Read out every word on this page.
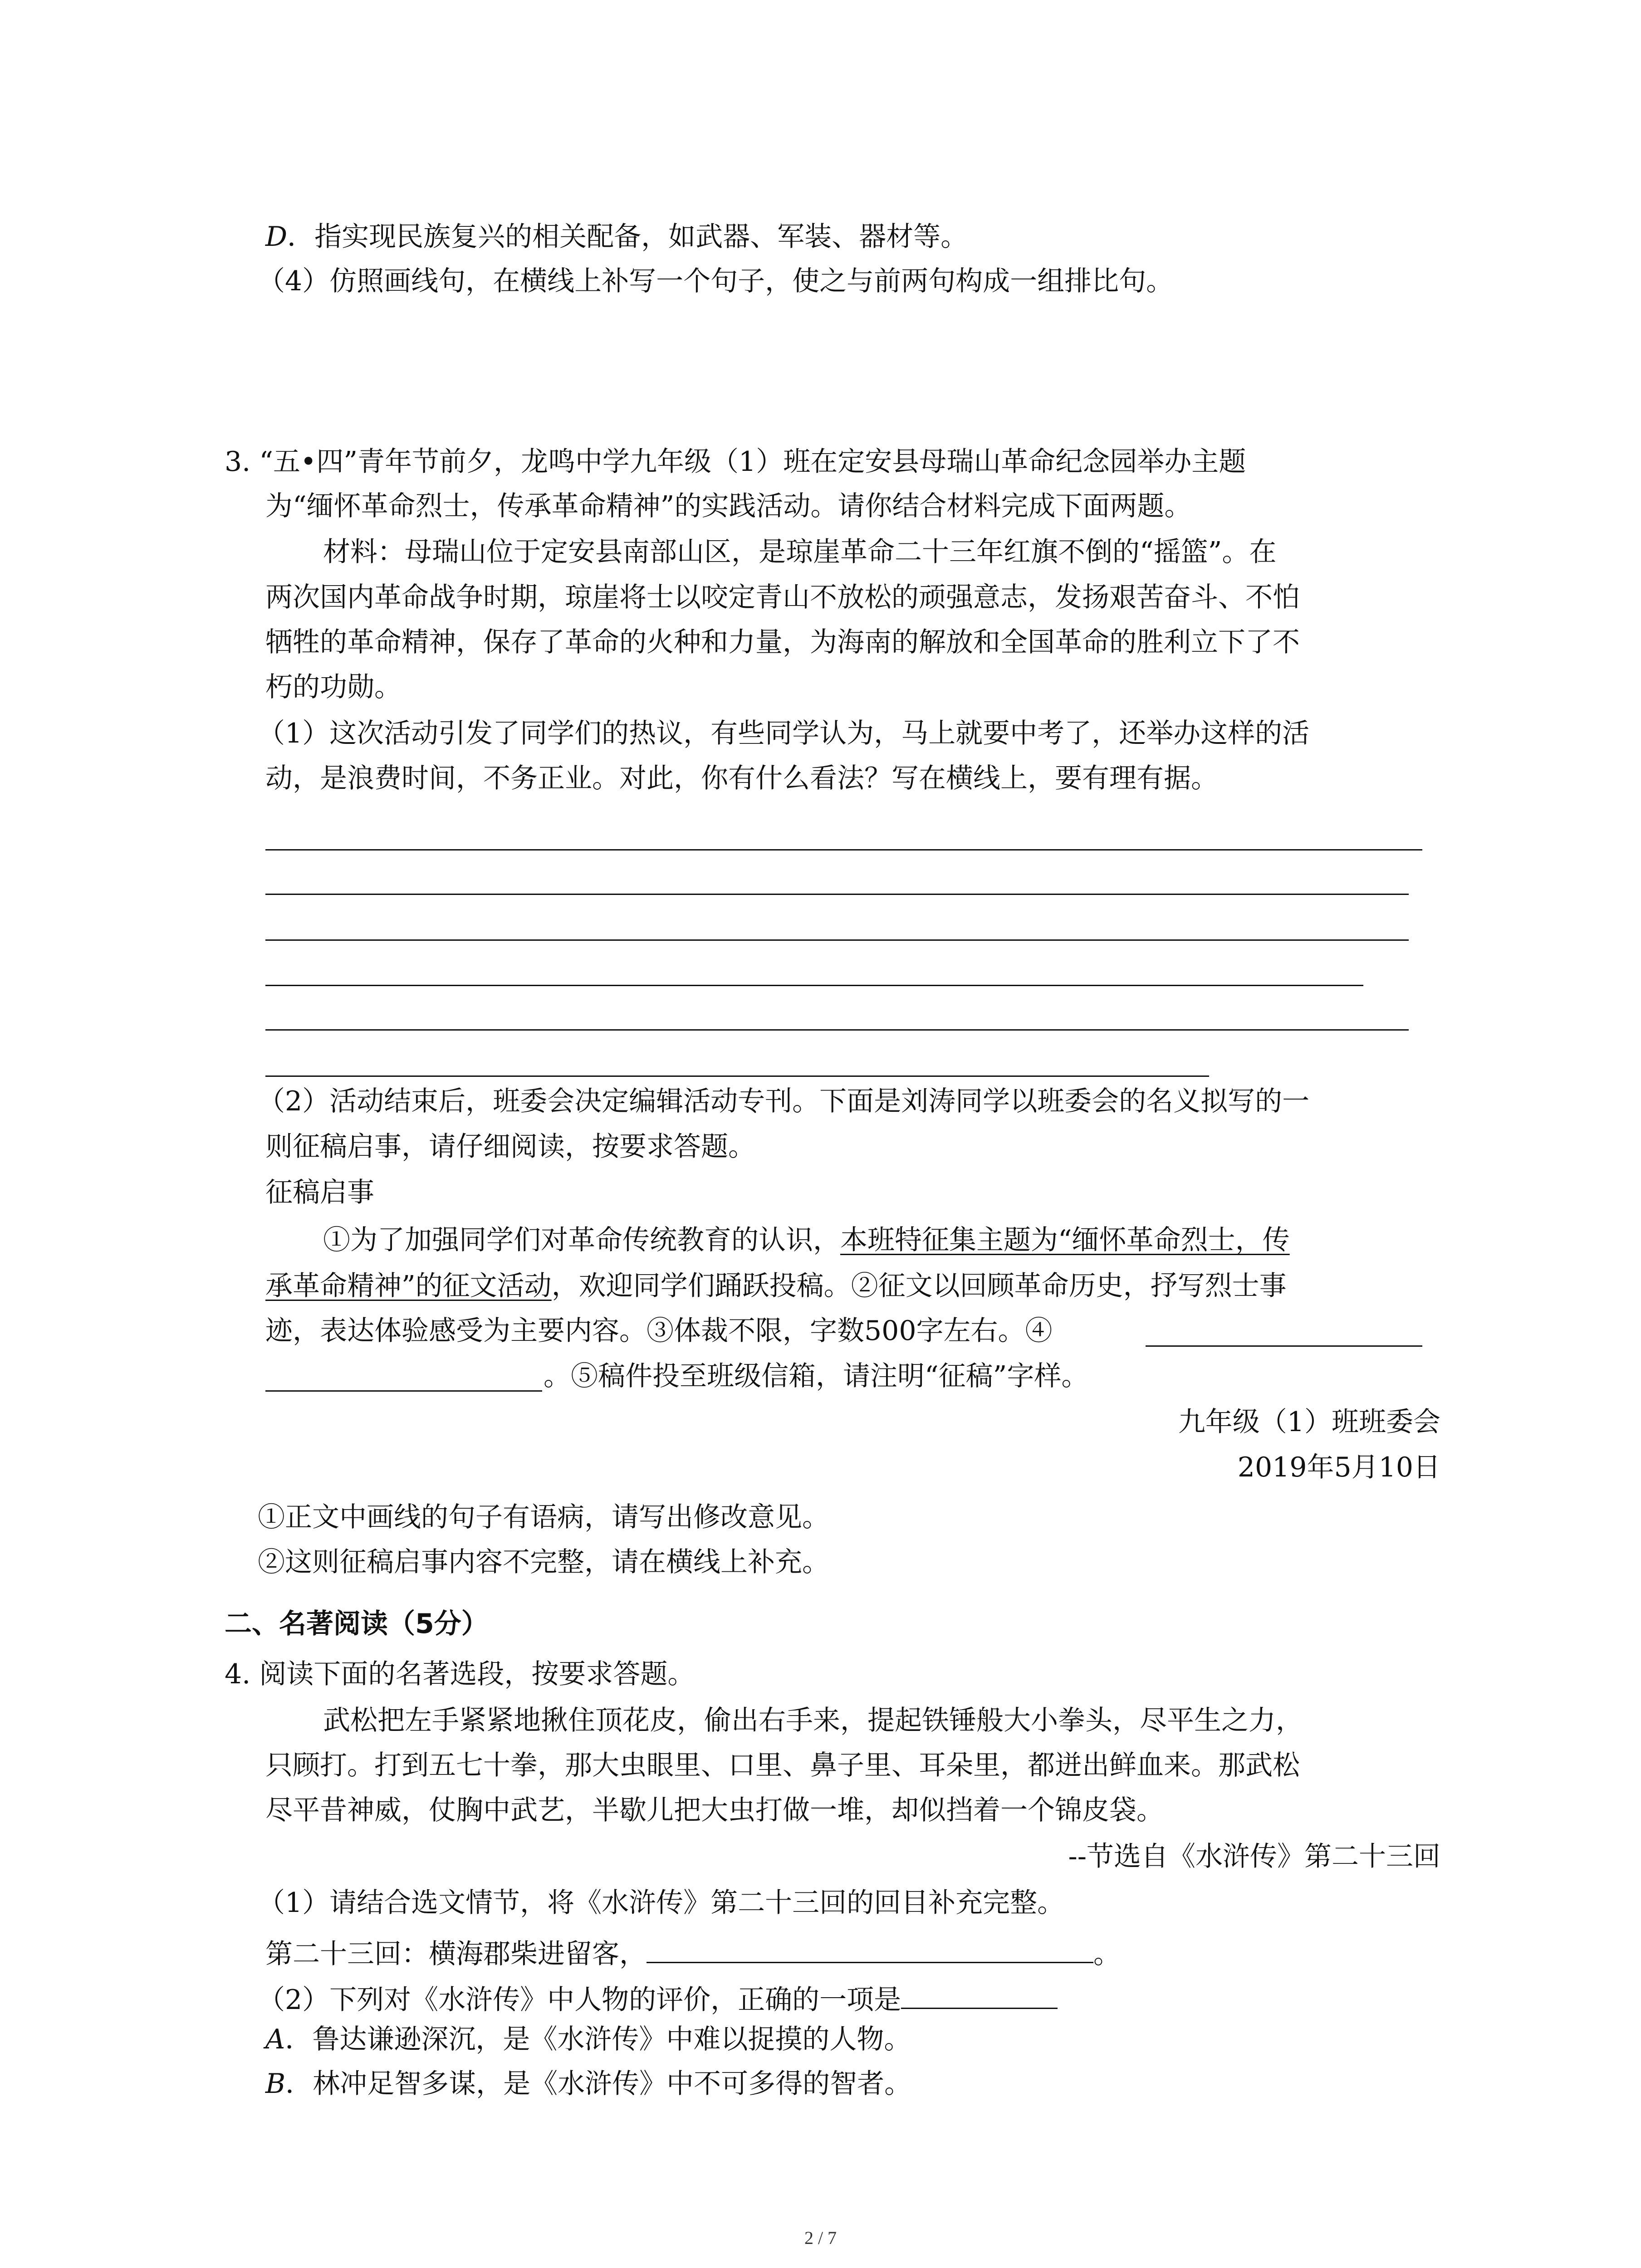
D．指实现民族复兴的相关配备，如武器、军装、器材等。
（4）仿照画线句，在横线上补写一个句子，使之与前两句构成一组排比句。
3. “五•四”青年节前夕，龙鸣中学九年级（1）班在定安县母瑞山革命纪念园举办主题
为“缅怀革命烈士，传承革命精神”的实践活动。请你结合材料完成下面两题。
材料：母瑞山位于定安县南部山区，是琼崖革命二十三年红旗不倒的“摇篮”。在
两次国内革命战争时期，琼崖将士以咬定青山不放松的顽强意志，发扬艰苦奋斗、不怕
牺牲的革命精神，保存了革命的火种和力量，为海南的解放和全国革命的胜利立下了不
朽的功勋。
（1）这次活动引发了同学们的热议，有些同学认为，马上就要中考了，还举办这样的活
动，是浪费时间，不务正业。对此，你有什么看法？写在横线上，要有理有据。
（2）活动结束后，班委会决定编辑活动专刊。下面是刘涛同学以班委会的名义拟写的一
则征稿启事，请仔细阅读，按要求答题。
征稿启事
①为了加强同学们对革命传统教育的认识，本班特征集主题为“缅怀革命烈士，传
承革命精神”的征文活动，欢迎同学们踊跃投稿。②征文以回顾革命历史，抒写烈士事
迹，表达体验感受为主要内容。③体裁不限，字数500字左右。④
。⑤稿件投至班级信箱，请注明“征稿”字样。
九年级（1）班班委会
2019年5月10日
①正文中画线的句子有语病，请写出修改意见。
②这则征稿启事内容不完整，请在横线上补充。
二、名著阅读（5分）
4. 阅读下面的名著选段，按要求答题。
武松把左手紧紧地揪住顶花皮，偷出右手来，提起铁锤般大小拳头，尽平生之力，
只顾打。打到五七十拳，那大虫眼里、口里、鼻子里、耳朵里，都迸出鲜血来。那武松
尽平昔神威，仗胸中武艺，半歇儿把大虫打做一堆，却似挡着一个锦皮袋。
--节选自《水浒传》第二十三回
（1）请结合选文情节，将《水浒传》第二十三回的回目补充完整。
第二十三回：横海郡柴进留客，	。
（2）下列对《水浒传》中人物的评价，正确的一项是
A．鲁达谦逊深沉，是《水浒传》中难以捉摸的人物。
B．林冲足智多谋，是《水浒传》中不可多得的智者。
2 / 7
